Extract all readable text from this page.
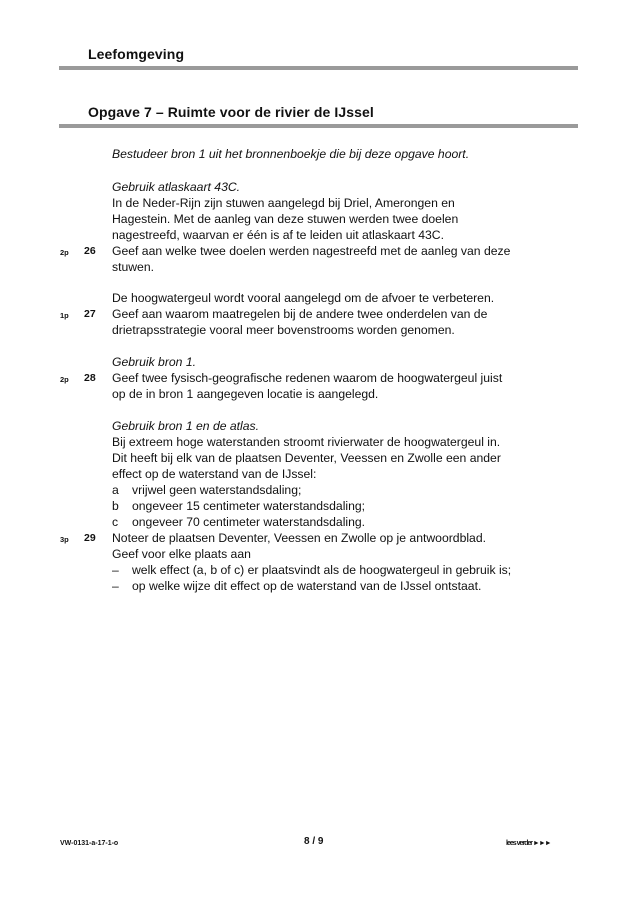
Leefomgeving
Opgave 7 – Ruimte voor de rivier de IJssel
Bestudeer bron 1 uit het bronnenboekje die bij deze opgave hoort.
Gebruik atlaskaart 43C.
In de Neder-Rijn zijn stuwen aangelegd bij Driel, Amerongen en
Hagestein. Met de aanleg van deze stuwen werden twee doelen
nagestreefd, waarvan er één is af te leiden uit atlaskaart 43C.
2p 26 Geef aan welke twee doelen werden nagestreefd met de aanleg van deze
stuwen.
De hoogwatergeul wordt vooral aangelegd om de afvoer te verbeteren.
1p 27 Geef aan waarom maatregelen bij de andere twee onderdelen van de
drietrapsstrategie vooral meer bovenstrooms worden genomen.
Gebruik bron 1.
2p 28 Geef twee fysisch-geografische redenen waarom de hoogwatergeul juist
op de in bron 1 aangegeven locatie is aangelegd.
Gebruik bron 1 en de atlas.
Bij extreem hoge waterstanden stroomt rivierwater de hoogwatergeul in.
Dit heeft bij elk van de plaatsen Deventer, Veessen en Zwolle een ander
effect op de waterstand van de IJssel:
a vrijwel geen waterstandsdaling;
b ongeveer 15 centimeter waterstandsdaling;
c ongeveer 70 centimeter waterstandsdaling.
3p 29 Noteer de plaatsen Deventer, Veessen en Zwolle op je antwoordblad.
Geef voor elke plaats aan
– welk effect (a, b of c) er plaatsvindt als de hoogwatergeul in gebruik is;
– op welke wijze dit effect op de waterstand van de IJssel ontstaat.
VW-0131-a-17-1-o	8 / 9	lees verder ►►►
